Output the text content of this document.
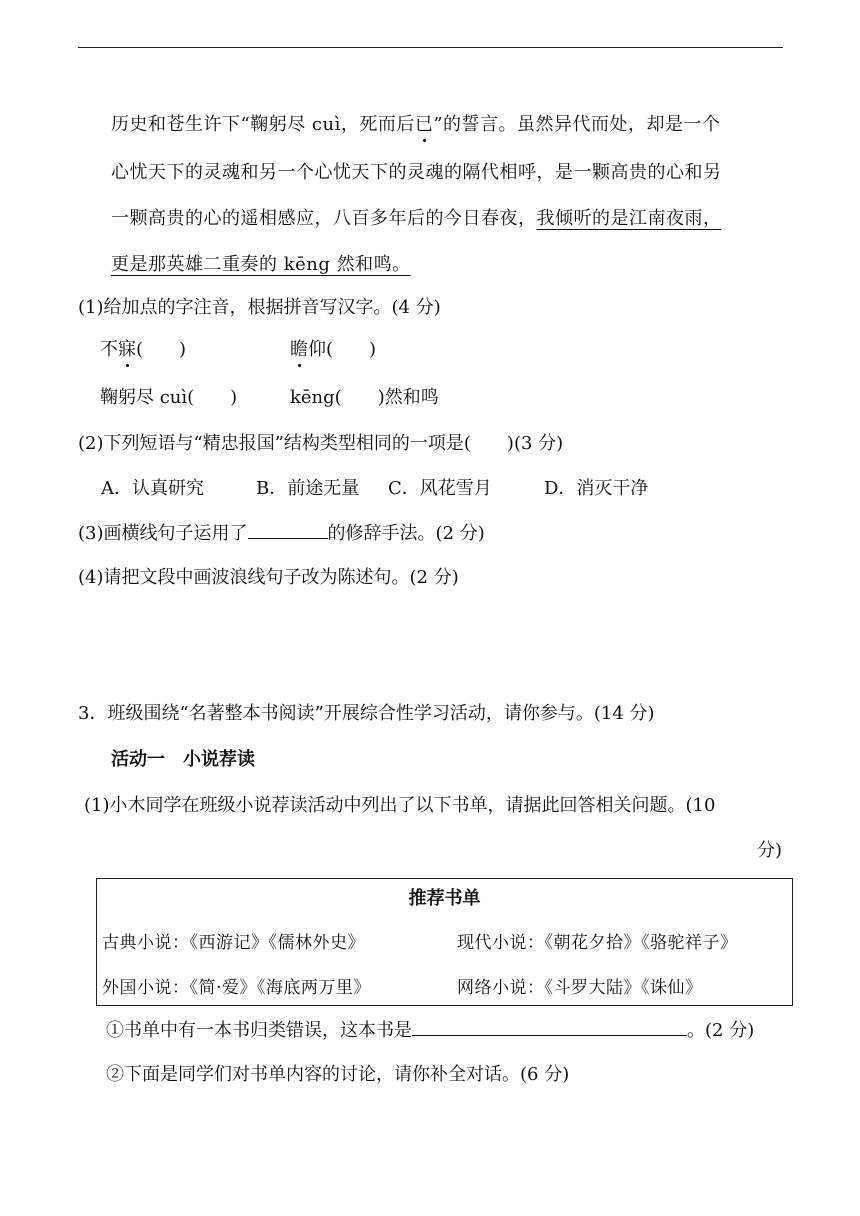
历史和苍生许下“鞠躬尽 cuì，死而后已”的誓言。虽然异代而处，却是一个
心忧天下的灵魂和另一个心忧天下的灵魂的隔代相呼，是一颗高贵的心和另
一颗高贵的心的遥相感应，八百多年后的今日春夜，我倾听的是江南夜雨，
更是那英雄二重奏的 kēng 然和鸣。
(1)给加点的字注音，根据拼音写汉字。(4 分)
不寐(　　)	瞻仰(　　)
鞠躬尽 cuì(　　)	kēng(　　)然和鸣
(2)下列短语与“精忠报国”结构类型相同的一项是(　　)(3 分)
A．认真研究	B．前途无量 C．风花雪月	D．消灭干净
(3)画横线句子运用了	的修辞手法。(2 分)
(4)请把文段中画波浪线句子改为陈述句。(2 分)
3．班级围绕“名著整本书阅读”开展综合性学习活动，请你参与。(14 分)
活动一　小说荐读
(1)小木同学在班级小说荐读活动中列出了以下书单，请据此回答相关问题。(10
分)
推荐书单
古典小说：《西游记》《儒林外史》	现代小说：《朝花夕拾》《骆驼祥子》
外国小说：《简·爱》《海底两万里》	网络小说：《斗罗大陆》《诛仙》
①书单中有一本书归类错误，这本书是	。(2 分)
②下面是同学们对书单内容的讨论，请你补全对话。(6 分)
